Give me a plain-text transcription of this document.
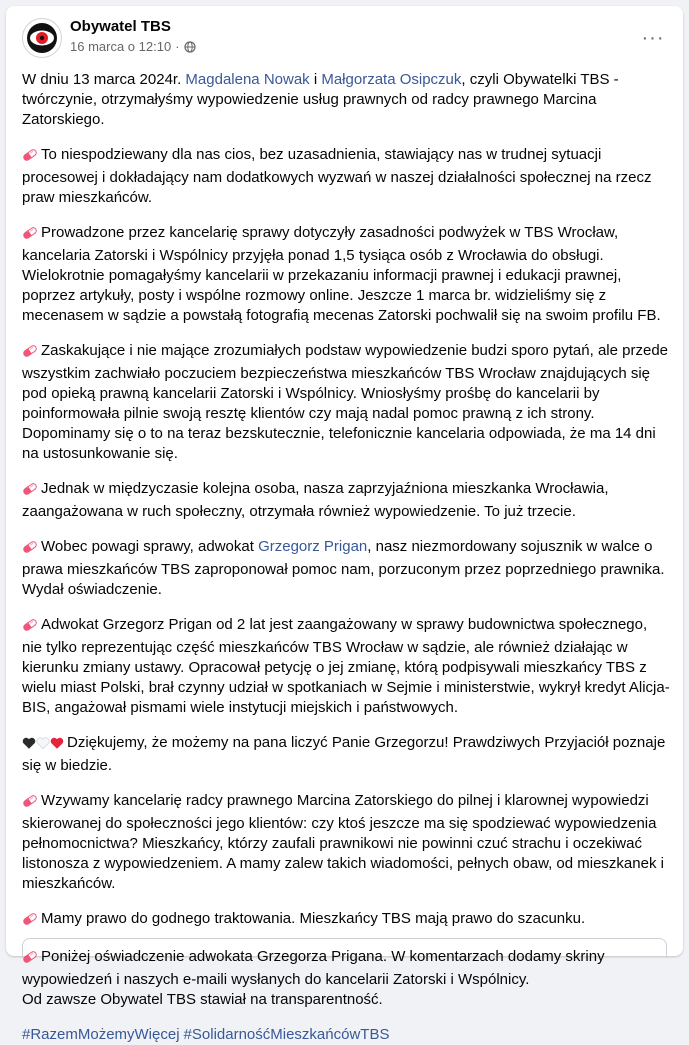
Obywatel TBS
16 marca o 12:10 ·	···
W dniu 13 marca 2024r. Magdalena Nowak i Małgorzata Osipczuk, czyli Obywatelki TBS - twórczynie, otrzymałyśmy wypowiedzenie usług prawnych od radcy prawnego Marcina Zatorskiego.
To niespodziewany dla nas cios, bez uzasadnienia, stawiający nas w trudnej sytuacji procesowej i dokładający nam dodatkowych wyzwań w naszej działalności społecznej na rzecz praw mieszkańców.
Prowadzone przez kancelarię sprawy dotyczyły zasadności podwyżek w TBS Wrocław, kancelaria Zatorski i Wspólnicy przyjęła ponad 1,5 tysiąca osób z Wrocławia do obsługi. Wielokrotnie pomagałyśmy kancelarii w przekazaniu informacji prawnej i edukacji prawnej, poprzez artykuły, posty i wspólne rozmowy online. Jeszcze 1 marca br. widzieliśmy się z mecenasem w sądzie a powstałą fotografią mecenas Zatorski pochwalił się na swoim profilu FB.
Zaskakujące i nie mające zrozumiałych podstaw wypowiedzenie budzi sporo pytań, ale przede wszystkim zachwiało poczuciem bezpieczeństwa mieszkańców TBS Wrocław znajdujących się pod opieką prawną kancelarii Zatorski i Wspólnicy. Wniosłyśmy prośbę do kancelarii by poinformowała pilnie swoją resztę klientów czy mają nadal pomoc prawną z ich strony. Dopominamy się o to na teraz bezskutecznie, telefonicznie kancelaria odpowiada, że ma 14 dni na ustosunkowanie się.
Jednak w międzyczasie kolejna osoba, nasza zaprzyjaźniona mieszkanka Wrocławia, zaangażowana w ruch społeczny, otrzymała również wypowiedzenie. To już trzecie.
Wobec powagi sprawy, adwokat Grzegorz Prigan, nasz niezmordowany sojusznik w walce o prawa mieszkańców TBS zaproponował pomoc nam, porzuconym przez poprzedniego prawnika. Wydał oświadczenie.
Adwokat Grzegorz Prigan od 2 lat jest zaangażowany w sprawy budownictwa społecznego, nie tylko reprezentując część mieszkańców TBS Wrocław w sądzie, ale również działając w kierunku zmiany ustawy. Opracował petycję o jej zmianę, którą podpisywali mieszkańcy TBS z wielu miast Polski, brał czynny udział w spotkaniach w Sejmie i ministerstwie, wykrył kredyt Alicja-BIS, angażował pismami wiele instytucji miejskich i państwowych.
Dziękujemy, że możemy na pana liczyć Panie Grzegorzu! Prawdziwych Przyjaciół poznaje się w biedzie.
Wzywamy kancelarię radcy prawnego Marcina Zatorskiego do pilnej i klarownej wypowiedzi skierowanej do społeczności jego klientów: czy ktoś jeszcze ma się spodziewać wypowiedzenia pełnomocnictwa? Mieszkańcy, którzy zaufali prawnikowi nie powinni czuć strachu i oczekiwać listonosza z wypowiedzeniem. A mamy zalew takich wiadomości, pełnych obaw, od mieszkanek i mieszkańców.
Mamy prawo do godnego traktowania. Mieszkańcy TBS mają prawo do szacunku.
Poniżej oświadczenie adwokata Grzegorza Prigana. W komentarzach dodamy skriny wypowiedzeń i naszych e-maili wysłanych do kancelarii Zatorski i Wspólnicy.
Od zawsze Obywatel TBS stawiał na transparentność.
#RazemMożemyWięcej #SolidarnośćMieszkańcówTBS
